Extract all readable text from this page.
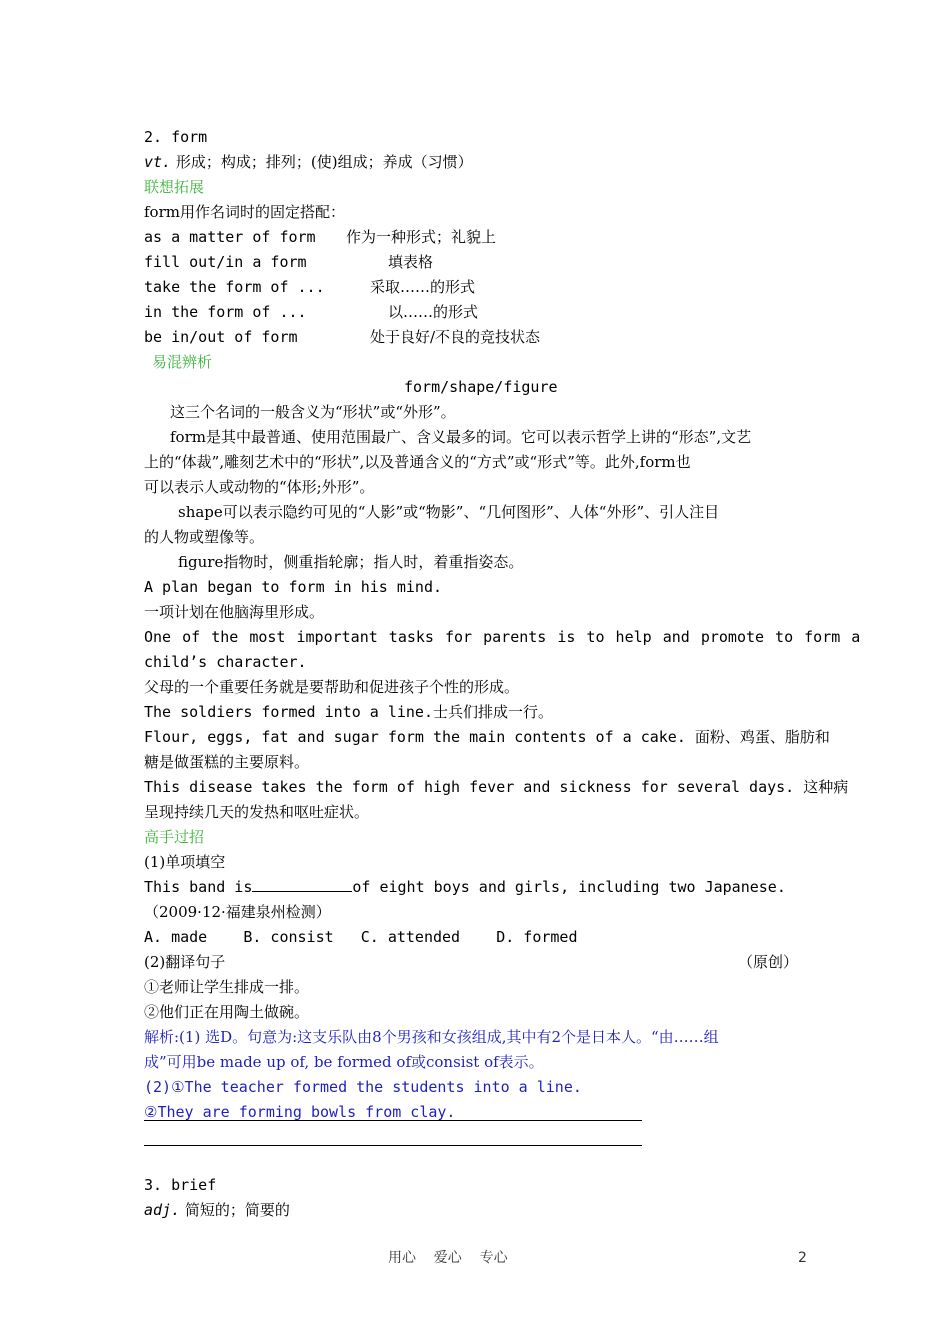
2. form
vt. 形成；构成；排列；(使)组成；养成（习惯）
联想拓展
form用作名词时的固定搭配：
as a matter of form 作为一种形式；礼貌上
fill out/in a form	填表格
take the form of ...	采取……的形式
in the form of ...	以……的形式
be in/out of form	处于良好/不良的竞技状态
易混辨析
form/shape/figure
这三个名词的一般含义为“形状”或“外形”。
form是其中最普通、使用范围最广、含义最多的词。它可以表示哲学上讲的“形态”,文艺
上的“体裁”,雕刻艺术中的“形状”,以及普通含义的“方式”或“形式”等。此外,form也
可以表示人或动物的“体形;外形”。
shape可以表示隐约可见的“人影”或“物影”、“几何图形”、人体“外形”、引人注目
的人物或塑像等。
figure指物时，侧重指轮廓；指人时，着重指姿态。
A plan began to form in his mind.
一项计划在他脑海里形成。
One of the most important tasks for parents is to help and promote to form a
child’s character.
父母的一个重要任务就是要帮助和促进孩子个性的形成。
The soldiers formed into a line.士兵们排成一行。
Flour, eggs, fat and sugar form the main contents of a cake. 面粉、鸡蛋、脂肪和
糖是做蛋糕的主要原料。
This disease takes the form of high fever and sickness for several days. 这种病
呈现持续几天的发热和呕吐症状。
高手过招
(1)单项填空
This band is	of eight boys and girls, including two Japanese.
（2009·12·福建泉州检测）
A. made    B. consist   C. attended    D. formed
(2)翻译句子	（原创）
①老师让学生排成一排。
②他们正在用陶土做碗。
解析:(1) 选D。句意为:这支乐队由8个男孩和女孩组成,其中有2个是日本人。“由……组
成”可用be made up of, be formed of或consist of表示。
(2)①The teacher formed the students into a line.
②They are forming bowls from clay.
3. brief
adj. 简短的；简要的
用心    爱心    专心	2
